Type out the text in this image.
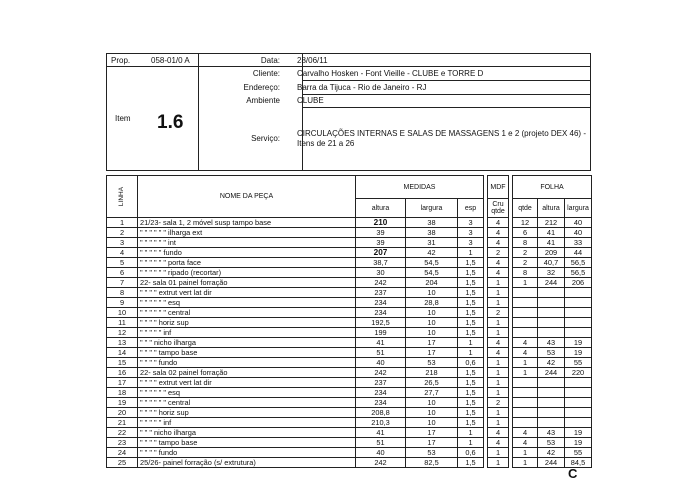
Prop.	058-01/0 A	Data: 28/06/11
Cliente: Carvalho Hosken - Font Vieille - CLUBE e TORRE D
Endereço: Barra da Tijuca - Rio de Janeiro - RJ
Ambiente CLUBE
Item 1.6
Serviço:
CIRCULAÇÕES INTERNAS E SALAS DE MASSAGENS 1 e 2 (projeto DEX 46) -
Itens de 21 a 26
LINHA	NOME DA PEÇA	MEDIDAS				MDF		FOLHA		
		altura	largura	esp		Cru
qtde		qtde	altura	largura
1	21/23- sala 1, 2 móvel susp tampo base	210	38	3		4		12	212	40
2	" " " " " " ilharga ext	39	38	3		4		6	41	40
3	" " " " " " int	39	31	3		4		8	41	33
4	" " " " " fundo	207	42	1		2		2	209	44
5	" " " " " " porta face	38,7	54,5	1,5		4		2	40,7	56,5
6	" " " " " " ripado (recortar)	30	54,5	1,5		4		8	32	56,5
7	22- sala 01 painel forração	242	204	1,5		1		1	244	206
8	" " " " extrut vert lat dir	237	10	1,5		1				
9	" " " " " " esq	234	28,8	1,5		1				
10	" " " " " " central	234	10	1,5		2				
11	" " " " horiz sup	192,5	10	1,5		1				
12	" " " " " inf	199	10	1,5		1				
13	" " " nicho ilharga	41	17	1		4		4	43	19
14	" " " " tampo base	51	17	1		4		4	53	19
15	" " " " fundo	40	53	0,6		1		1	42	55
16	22- sala 02 painel forração	242	218	1,5		1		1	244	220
17	" " " " extrut vert lat dir	237	26,5	1,5		1				
18	" " " " " " esq	234	27,7	1,5		1				
19	" " " " " " central	234	10	1,5		2				
20	" " " " horiz sup	208,8	10	1,5		1				
21	" " " " " inf	210,3	10	1,5		1				
22	" " " nicho ilharga	41	17	1		4		4	43	19
23	" " " " tampo base	51	17	1		4		4	53	19
24	" " " " fundo	40	53	0,6		1		1	42	55
25	25/26- painel forração (s/ extrutura)	242	82,5	1,5		1		1	244	84,5
C
